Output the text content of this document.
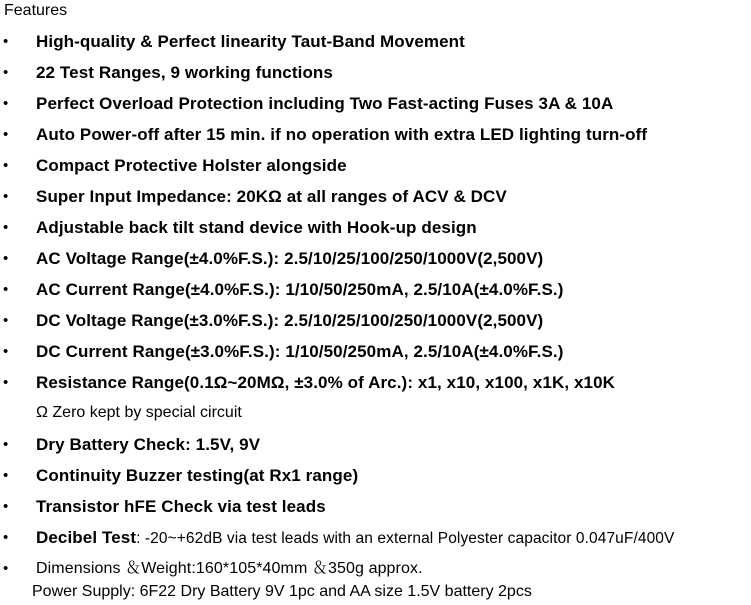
Features
• High-quality & Perfect linearity Taut-Band Movement
• 22 Test Ranges, 9 working functions
• Perfect Overload Protection including Two Fast-acting Fuses 3A & 10A
• Auto Power-off after 15 min. if no operation with extra LED lighting turn-off
• Compact Protective Holster alongside
• Super Input Impedance: 20KΩ at all ranges of ACV & DCV
• Adjustable back tilt stand device with Hook-up design
• AC Voltage Range(±4.0%F.S.): 2.5/10/25/100/250/1000V(2,500V)
• AC Current Range(±4.0%F.S.): 1/10/50/250mA, 2.5/10A(±4.0%F.S.)
• DC Voltage Range(±3.0%F.S.): 2.5/10/25/100/250/1000V(2,500V)
• DC Current Range(±3.0%F.S.): 1/10/50/250mA, 2.5/10A(±4.0%F.S.)
• Resistance Range(0.1Ω~20MΩ, ±3.0% of Arc.): x1, x10, x100, x1K, x10K
Ω Zero kept by special circuit
• Dry Battery Check: 1.5V, 9V
• Continuity Buzzer testing(at Rx1 range)
• Transistor hFE Check via test leads
• Decibel Test: -20~+62dB via test leads with an external Polyester capacitor 0.047uF/400V
• Dimensions ＆Weight:160*105*40mm ＆350g approx.
Power Supply: 6F22 Dry Battery 9V 1pc and AA size 1.5V battery 2pcs
